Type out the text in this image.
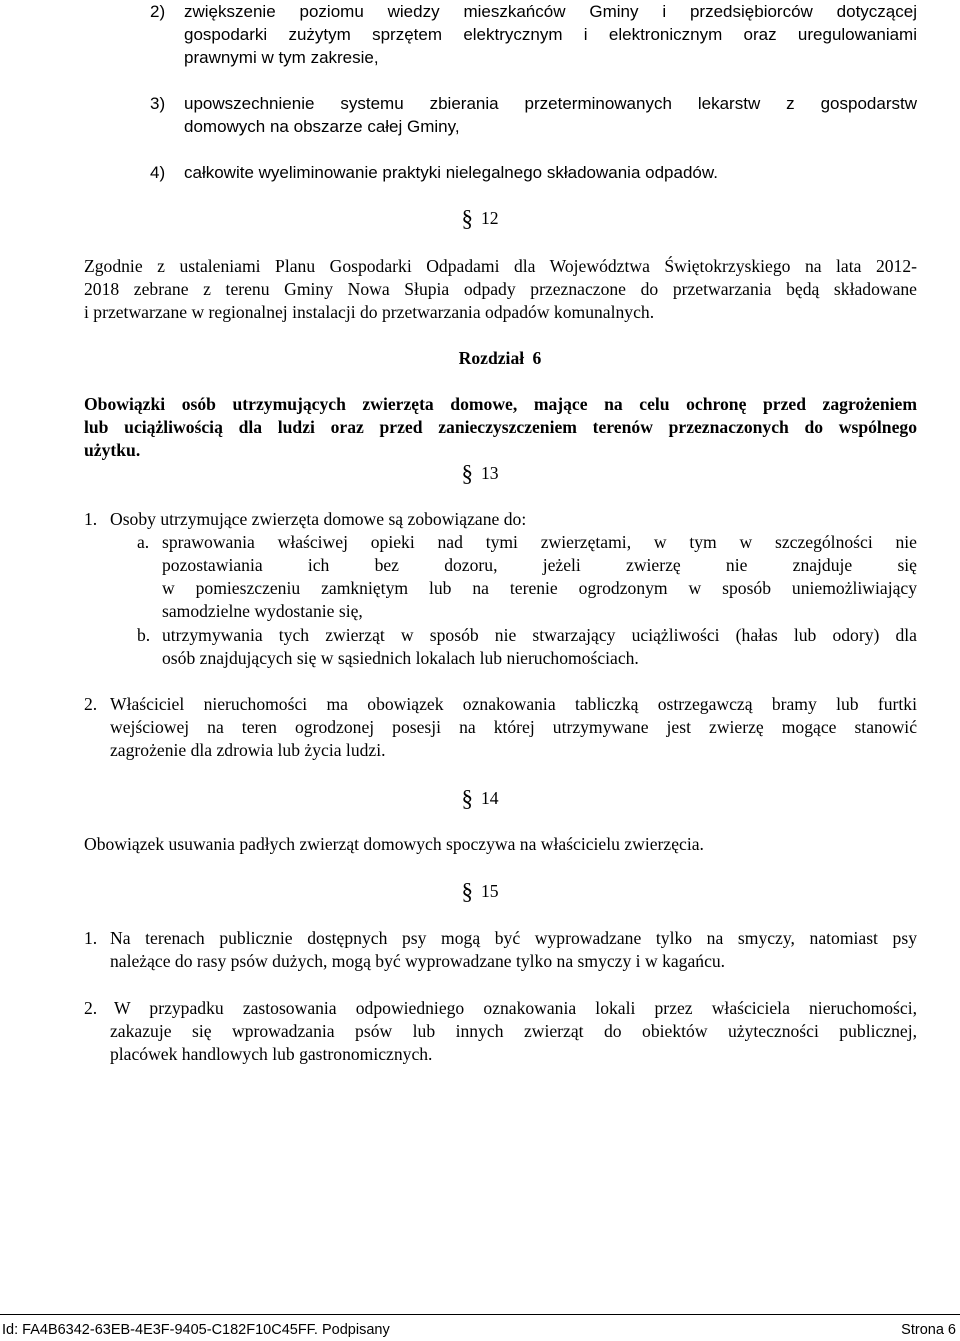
2) zwiększenie poziomu wiedzy mieszkańców Gminy i przedsiębiorców dotyczącej
gospodarki zużytym sprzętem elektrycznym i elektronicznym oraz uregulowaniami
prawnymi w tym zakresie,
3) upowszechnienie systemu zbierania przeterminowanych lekarstw z gospodarstw
domowych na obszarze całej Gminy,
4) całkowite wyeliminowanie praktyki nielegalnego składowania odpadów.
§ 12
Zgodnie z ustaleniami Planu Gospodarki Odpadami dla Województwa Świętokrzyskiego na lata 2012-
2018 zebrane z terenu Gminy Nowa Słupia odpady przeznaczone do przetwarzania będą składowane
i przetwarzane w regionalnej instalacji do przetwarzania odpadów komunalnych.
Rozdział 6
Obowiązki osób utrzymujących zwierzęta domowe, mające na celu ochronę przed zagrożeniem
lub uciążliwością dla ludzi oraz przed zanieczyszczeniem terenów przeznaczonych do wspólnego
użytku.
§ 13
1. Osoby utrzymujące zwierzęta domowe są zobowiązane do:
a. sprawowania właściwej opieki nad tymi zwierzętami, w tym w szczególności nie
pozostawiania ich bez dozoru, jeżeli zwierzę nie znajduje się
w pomieszczeniu zamkniętym lub na terenie ogrodzonym w sposób uniemożliwiający
samodzielne wydostanie się,
b. utrzymywania tych zwierząt w sposób nie stwarzający uciążliwości (hałas lub odory) dla
osób znajdujących się w sąsiednich lokalach lub nieruchomościach.
2. Właściciel nieruchomości ma obowiązek oznakowania tabliczką ostrzegawczą bramy lub furtki
wejściowej na teren ogrodzonej posesji na której utrzymywane jest zwierzę mogące stanowić
zagrożenie dla zdrowia lub życia ludzi.
§ 14
Obowiązek usuwania padłych zwierząt domowych spoczywa na właścicielu zwierzęcia.
§ 15
1. Na terenach publicznie dostępnych psy mogą być wyprowadzane tylko na smyczy, natomiast psy
należące do rasy psów dużych, mogą być wyprowadzane tylko na smyczy i w kagańcu.
2. W przypadku zastosowania odpowiedniego oznakowania lokali przez właściciela nieruchomości,
zakazuje się wprowadzania psów lub innych zwierząt do obiektów użyteczności publicznej,
placówek handlowych lub gastronomicznych.
Id: FA4B6342-63EB-4E3F-9405-C182F10C45FF. Podpisany	Strona 6
